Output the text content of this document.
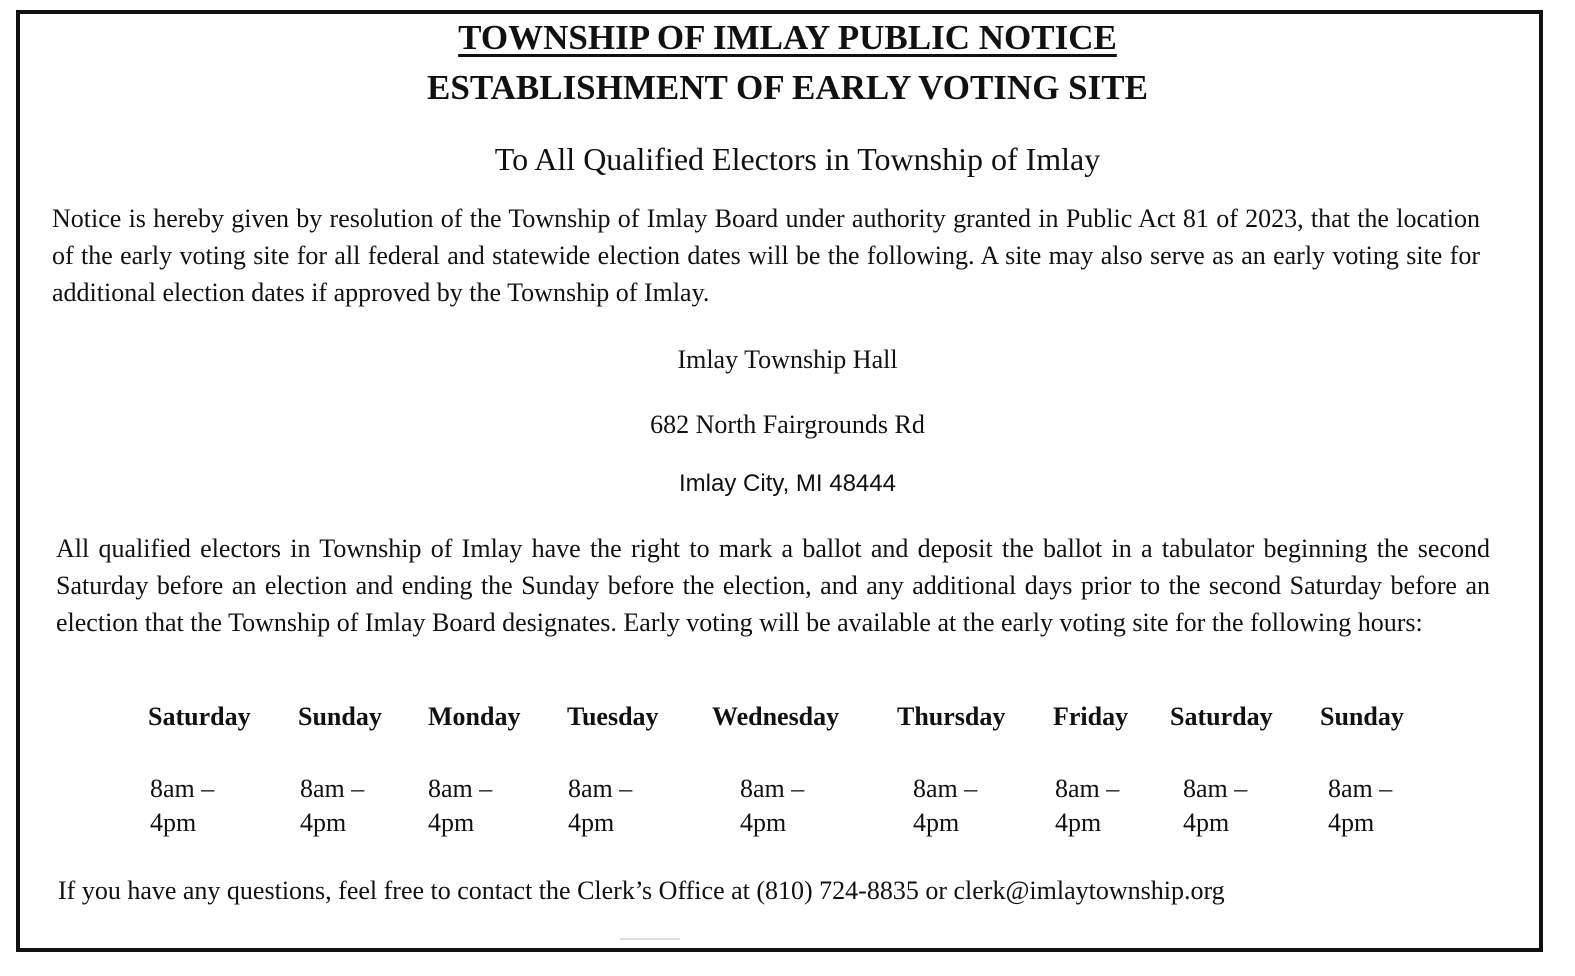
TOWNSHIP OF IMLAY PUBLIC NOTICE
ESTABLISHMENT OF EARLY VOTING SITE
To All Qualified Electors in Township of Imlay
Notice is hereby given by resolution of the Township of Imlay Board under authority granted in Public Act 81 of 2023, that the location of the early voting site for all federal and statewide election dates will be the following. A site may also serve as an early voting site for additional election dates if approved by the Township of Imlay.
Imlay Township Hall
682 North Fairgrounds Rd
Imlay City, MI 48444
All qualified electors in Township of Imlay have the right to mark a ballot and deposit the ballot in a tabulator beginning the second Saturday before an election and ending the Sunday before the election, and any additional days prior to the second Saturday before an election that the Township of Imlay Board designates. Early voting will be available at the early voting site for the following hours:
Saturday Sunday Monday Tuesday Wednesday Thursday Friday Saturday Sunday
8am –
4pm
8am –
4pm
8am –
4pm
8am –
4pm
8am –
4pm
8am –
4pm
8am –
4pm
8am –
4pm
8am –
4pm
If you have any questions, feel free to contact the Clerk’s Office at (810) 724-8835 or clerk@imlaytownship.org
